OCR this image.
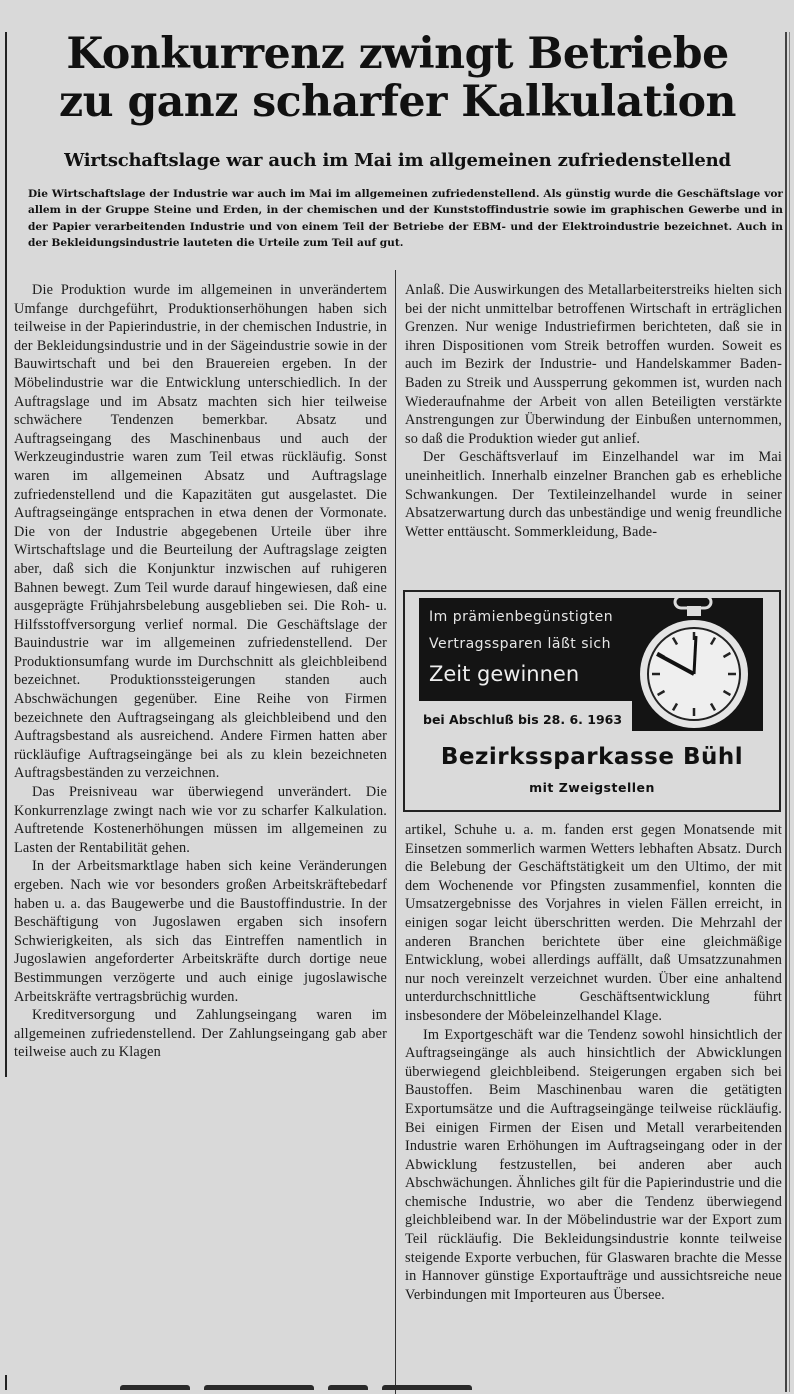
Konkurrenz zwingt Betriebe
zu ganz scharfer Kalkulation
Wirtschaftslage war auch im Mai im allgemeinen zufriedenstellend
Die Wirtschaftslage der Industrie war auch im Mai im allgemeinen zufriedenstellend. Als günstig wurde die Geschäftslage vor allem in der Gruppe Steine und Erden, in der chemischen und der Kunststoffindustrie sowie im graphischen Gewerbe und in der Papier verarbeitenden Industrie und von einem Teil der Betriebe der EBM- und der Elektroindustrie bezeichnet. Auch in der Bekleidungsindustrie lauteten die Urteile zum Teil auf gut.

Die Produktion wurde im allgemeinen in unverändertem Umfange durchgeführt, Produktionserhöhungen haben sich teilweise in der Papierindustrie, in der chemischen Industrie, in der Bekleidungsindustrie und in der Sägeindustrie sowie in der Bauwirtschaft und bei den Brauereien ergeben. In der Möbelindustrie war die Entwicklung unterschiedlich. In der Auftragslage und im Absatz machten sich hier teilweise schwächere Tendenzen bemerkbar. Absatz und Auftragseingang des Maschinenbaus und auch der Werkzeugindustrie waren zum Teil etwas rückläufig. Sonst waren im allgemeinen Absatz und Auftragslage zufriedenstellend und die Kapazitäten gut ausgelastet. Die Auftragseingänge entsprachen in etwa denen der Vormonate. Die von der Industrie abgegebenen Urteile über ihre Wirtschaftslage und die Beurteilung der Auftragslage zeigten aber, daß sich die Konjunktur inzwischen auf ruhigeren Bahnen bewegt. Zum Teil wurde darauf hingewiesen, daß eine ausgeprägte Frühjahrsbelebung ausgeblieben sei. Die Roh- u. Hilfsstoffversorgung verlief normal. Die Geschäftslage der Bauindustrie war im allgemeinen zufriedenstellend. Der Produktionsumfang wurde im Durchschnitt als gleichbleibend bezeichnet. Produktionssteigerungen standen auch Abschwächungen gegenüber. Eine Reihe von Firmen bezeichnete den Auftragseingang als gleichbleibend und den Auftragsbestand als ausreichend. Andere Firmen hatten aber rückläufige Auftragseingänge bei als zu klein bezeichneten Auftragsbeständen zu verzeichnen.

Das Preisniveau war überwiegend unverändert. Die Konkurrenzlage zwingt nach wie vor zu scharfer Kalkulation. Auftretende Kostenerhöhungen müssen im allgemeinen zu Lasten der Rentabilität gehen.

In der Arbeitsmarktlage haben sich keine Veränderungen ergeben. Nach wie vor besonders großen Arbeitskräftebedarf haben u. a. das Baugewerbe und die Baustoffindustrie. In der Beschäftigung von Jugoslawen ergaben sich insofern Schwierigkeiten, als sich das Eintreffen namentlich in Jugoslawien angeforderter Arbeitskräfte durch dortige neue Bestimmungen verzögerte und auch einige jugoslawische Arbeitskräfte vertragsbrüchig wurden.

Kreditversorgung und Zahlungseingang waren im allgemeinen zufriedenstellend. Der Zahlungseingang gab aber teilweise auch zu Klagen

Anlaß. Die Auswirkungen des Metallarbeiterstreiks hielten sich bei der nicht unmittelbar betroffenen Wirtschaft in erträglichen Grenzen. Nur wenige Industriefirmen berichteten, daß sie in ihren Dispositionen vom Streik betroffen wurden. Soweit es auch im Bezirk der Industrie- und Handelskammer Baden-Baden zu Streik und Aussperrung gekommen ist, wurden nach Wiederaufnahme der Arbeit von allen Beteiligten verstärkte Anstrengungen zur Überwindung der Einbußen unternommen, so daß die Produktion wieder gut anlief.

Der Geschäftsverlauf im Einzelhandel war im Mai uneinheitlich. Innerhalb einzelner Branchen gab es erhebliche Schwankungen. Der Textileinzelhandel wurde in seiner Absatzerwartung durch das unbeständige und wenig freundliche Wetter enttäuscht. Sommerkleidung, Bade-

Im prämienbegünstigten
Vertragssparen läßt sich
Zeit gewinnen
bei Abschluß bis 28. 6. 1963
Bezirkssparkasse Bühl
mit Zweigstellen

artikel, Schuhe u. a. m. fanden erst gegen Monatsende mit Einsetzen sommerlich warmen Wetters lebhaften Absatz. Durch die Belebung der Geschäftstätigkeit um den Ultimo, der mit dem Wochenende vor Pfingsten zusammenfiel, konnten die Umsatzergebnisse des Vorjahres in vielen Fällen erreicht, in einigen sogar leicht überschritten werden. Die Mehrzahl der anderen Branchen berichtete über eine gleichmäßige Entwicklung, wobei allerdings auffällt, daß Umsatzzunahmen nur noch vereinzelt verzeichnet wurden. Über eine anhaltend unterdurchschnittliche Geschäftsentwicklung führt insbesondere der Möbeleinzelhandel Klage.

Im Exportgeschäft war die Tendenz sowohl hinsichtlich der Auftragseingänge als auch hinsichtlich der Abwicklungen überwiegend gleichbleibend. Steigerungen ergaben sich bei Baustoffen. Beim Maschinenbau waren die getätigten Exportumsätze und die Auftragseingänge teilweise rückläufig. Bei einigen Firmen der Eisen und Metall verarbeitenden Industrie waren Erhöhungen im Auftragseingang oder in der Abwicklung festzustellen, bei anderen aber auch Abschwächungen. Ähnliches gilt für die Papierindustrie und die chemische Industrie, wo aber die Tendenz überwiegend gleichbleibend war. In der Möbelindustrie war der Export zum Teil rückläufig. Die Bekleidungsindustrie konnte teilweise steigende Exporte verbuchen, für Glaswaren brachte die Messe in Hannover günstige Exportaufträge und aussichtsreiche neue Verbindungen mit Importeuren aus Übersee.
